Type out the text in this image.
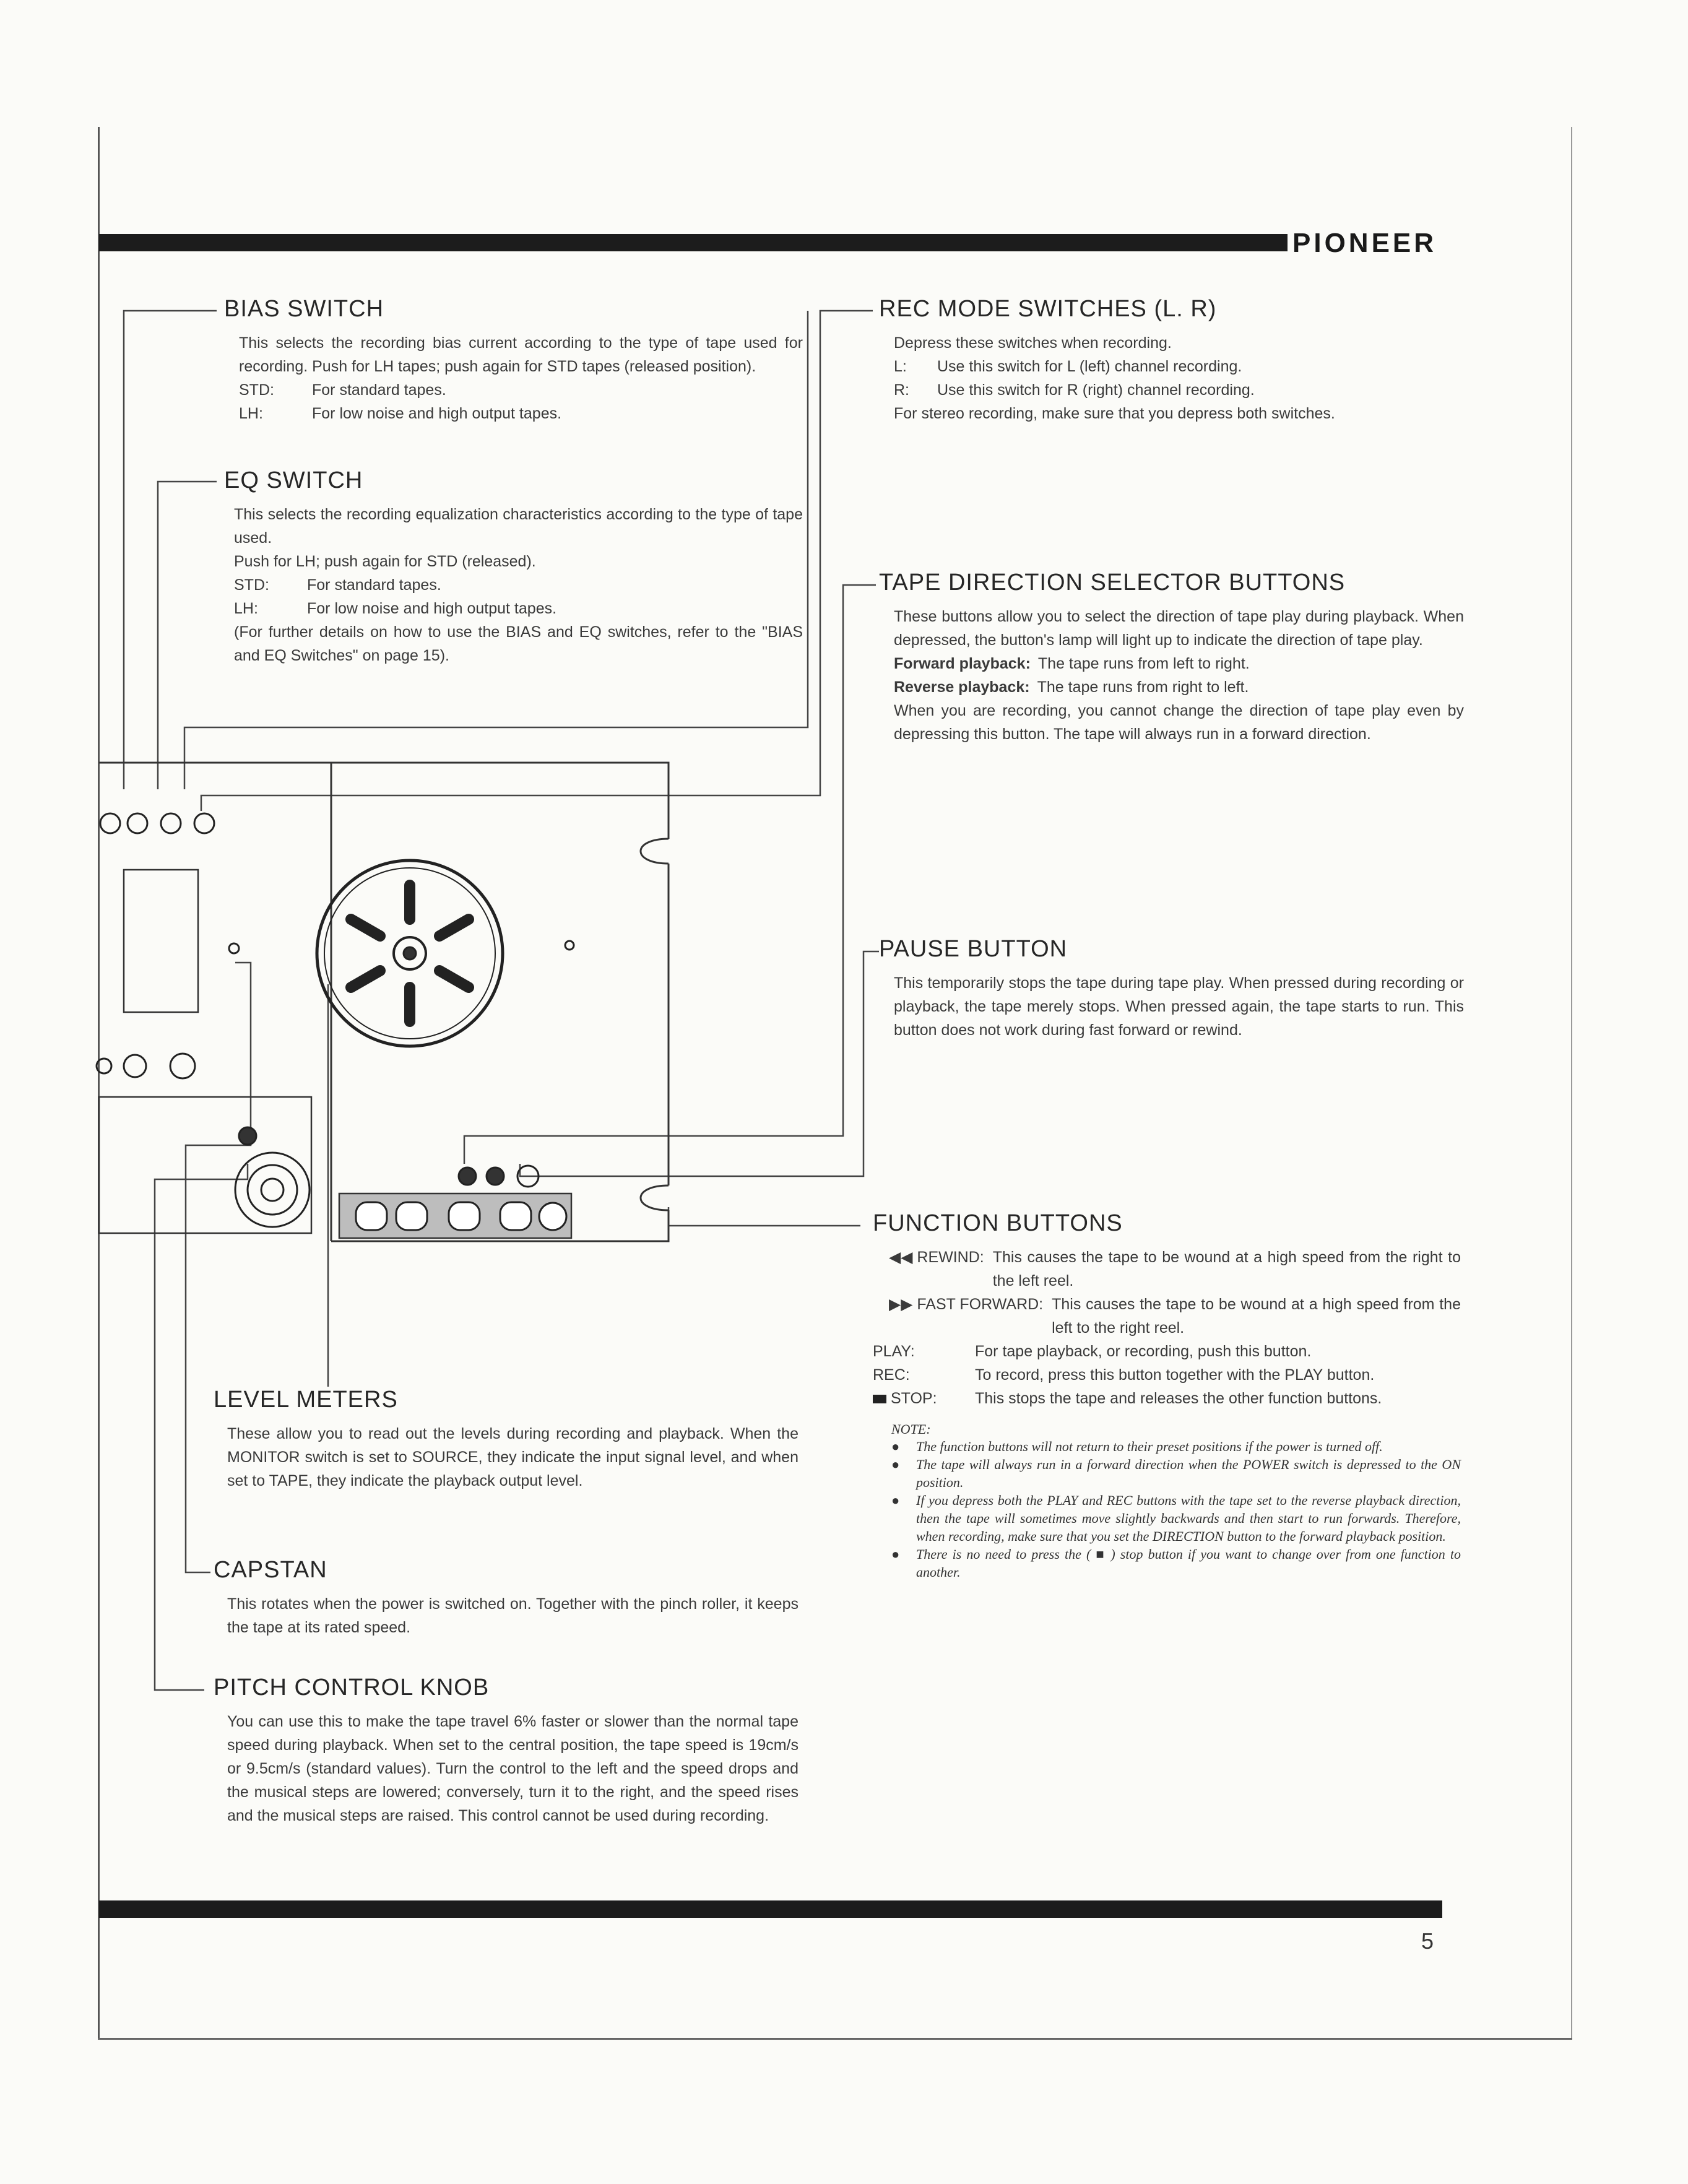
PIONEER
5
BIAS SWITCH

This selects the recording bias current according to the type of tape used for recording. Push for LH tapes; push again for STD tapes (released position).

STD:	For standard tapes.
LH:	For low noise and high output tapes.
EQ SWITCH

This selects the recording equalization characteristics according to the type of tape used.

Push for LH; push again for STD (released).

STD:	For standard tapes.
LH:	For low noise and high output tapes.

(For further details on how to use the BIAS and EQ switches, refer to the "BIAS and EQ Switches" on page 15).

LEVEL METERS

These allow you to read out the levels during recording and playback. When the MONITOR switch is set to SOURCE, they indicate the input signal level, and when set to TAPE, they indicate the playback output level.

CAPSTAN

This rotates when the power is switched on. Together with the pinch roller, it keeps the tape at its rated speed.

PITCH CONTROL KNOB

You can use this to make the tape travel 6% faster or slower than the normal tape speed during playback. When set to the central position, the tape speed is 19cm/s or 9.5cm/s (standard values). Turn the control to the left and the speed drops and the musical steps are lowered; conversely, turn it to the right, and the speed rises and the musical steps are raised. This control cannot be used during recording.

REC MODE SWITCHES (L. R)

Depress these switches when recording.

L:	Use this switch for L (left) channel recording.
R:	Use this switch for R (right) channel recording.

For stereo recording, make sure that you depress both switches.

TAPE DIRECTION SELECTOR BUTTONS

These buttons allow you to select the direction of tape play during playback. When depressed, the button's lamp will light up to indicate the direction of tape play.

Forward playback: The tape runs from left to right.
Reverse playback: The tape runs from right to left.

When you are recording, you cannot change the direction of tape play even by depressing this button. The tape will always run in a forward direction.

PAUSE BUTTON

This temporarily stops the tape during tape play. When pressed during recording or playback, the tape merely stops. When pressed again, the tape starts to run. This button does not work during fast forward or rewind.

FUNCTION BUTTONS
◀◀ REWIND: This causes the tape to be wound at a high speed from the right to the left reel.
▶▶ FAST FORWARD: This causes the tape to be wound at a high speed from the left to the right reel.
PLAY:	For tape playback, or recording, push this button.
REC:	To record, press this button together with the PLAY button.
STOP:	This stops the tape and releases the other function buttons.
NOTE:
●	The function buttons will not return to their preset positions if the power is turned off.
●	The tape will always run in a forward direction when the POWER switch is depressed to the ON position.
●	If you depress both the PLAY and REC buttons with the tape set to the reverse playback direction, then the tape will sometimes move slightly backwards and then start to run forwards. Therefore, when recording, make sure that you set the DIRECTION button to the forward playback position.
●	There is no need to press the ( ■ ) stop button if you want to change over from one function to another.
